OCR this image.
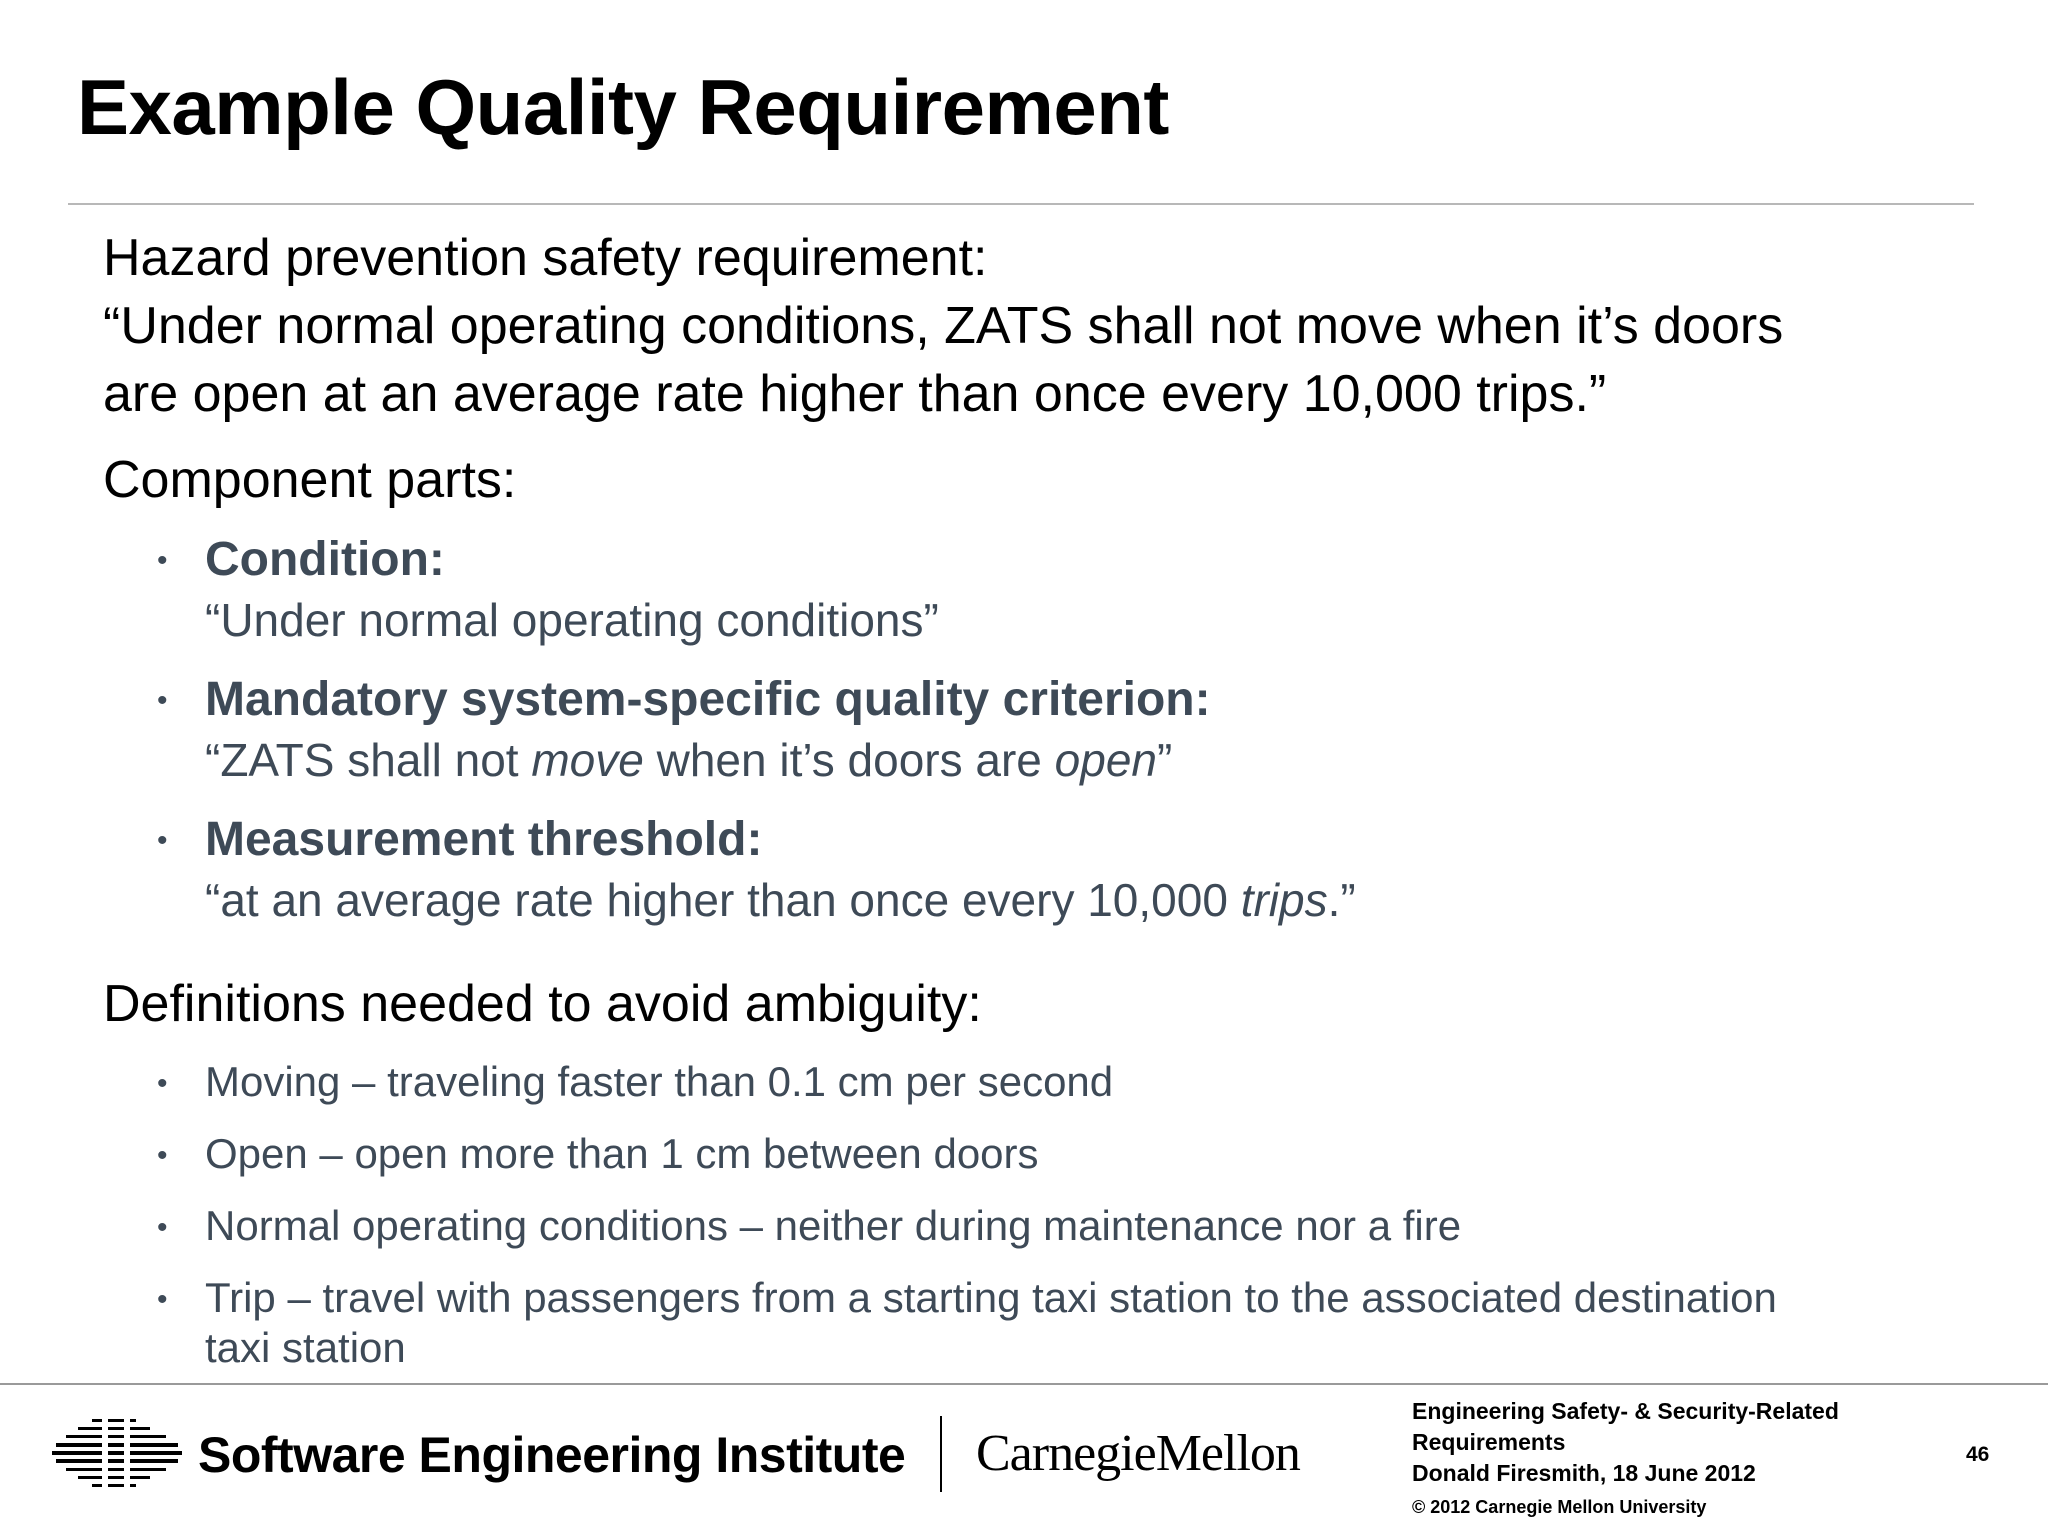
Example Quality Requirement
Hazard prevention safety requirement:
“Under normal operating conditions, ZATS shall not move when it’s doors
are open at an average rate higher than once every 10,000 trips.”
Component parts:
• Condition:
“Under normal operating conditions”
• Mandatory system-specific quality criterion:
“ZATS shall not move when it’s doors are open”
• Measurement threshold:
“at an average rate higher than once every 10,000 trips.”
Definitions needed to avoid ambiguity:
• Moving – traveling faster than 0.1 cm per second
• Open – open more than 1 cm between doors
• Normal operating conditions – neither during maintenance nor a fire
• Trip – travel with passengers from a starting taxi station to the associated destination
taxi station
Software Engineering Institute CarnegieMellon
Engineering Safety- & Security-Related
Requirements
Donald Firesmith, 18 June 2012
© 2012 Carnegie Mellon University
46
